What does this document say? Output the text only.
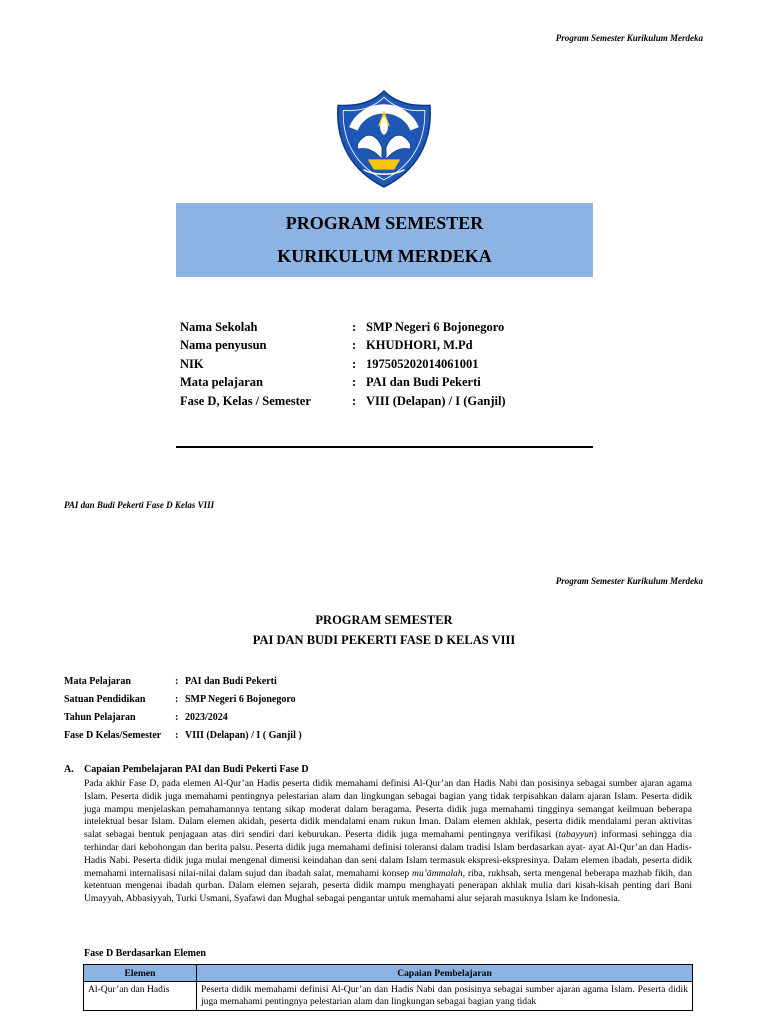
Program Semester Kurikulum Merdeka
PROGRAM SEMESTER
KURIKULUM MERDEKA
Nama Sekolah	: SMP Negeri 6 Bojonegoro
Nama penyusun	: KHUDHORI, M.Pd
NIK	: 197505202014061001
Mata pelajaran	: PAI dan Budi Pekerti
Fase D, Kelas / Semester	: VIII (Delapan) / I (Ganjil)
PAI dan Budi Pekerti Fase D Kelas VIII
Program Semester Kurikulum Merdeka
PROGRAM SEMESTER
PAI DAN BUDI PEKERTI FASE D KELAS VIII
Mata Pelajaran	: PAI dan Budi Pekerti
Satuan Pendidikan	: SMP Negeri 6 Bojonegoro
Tahun Pelajaran	: 2023/2024
Fase D Kelas/Semester	: VIII (Delapan) / I ( Ganjil )
A.	Capaian Pembelajaran PAI dan Budi Pekerti Fase D
Pada akhir Fase D, pada elemen Al-Qur’an Hadis peserta didik memahami definisi Al-Qur’an dan Hadis Nabi dan posisinya sebagai sumber ajaran agama Islam. Peserta didik juga memahami pentingnya pelestarian alam dan lingkungan sebagai bagian yang tidak terpisahkan dalam ajaran Islam. Peserta didik juga mampu menjelaskan pemahamannya tentang sikap moderat dalam beragama. Peserta didik juga memahami tingginya semangat keilmuan beberapa intelektual besar Islam. Dalam elemen akidah, peserta didik mendalami enam rukun Iman. Dalam elemen akhlak, peserta didik mendalami peran aktivitas salat sebagai bentuk penjagaan atas diri sendiri dari keburukan. Peserta didik juga memahami pentingnya verifikasi (tabayyun) informasi sehingga dia terhindar dari kebohongan dan berita palsu. Peserta didik juga memahami definisi toleransi dalam tradisi Islam berdasarkan ayat- ayat Al-Qur’an dan Hadis-Hadis Nabi. Peserta didik juga mulai mengenal dimensi keindahan dan seni dalam Islam termasuk ekspresi-ekspresinya. Dalam elemen ibadah, peserta didik memahami internalisasi nilai-nilai dalam sujud dan ibadah salat, memahami konsep mu’āmmalah, riba, rukhsah, serta mengenal beberapa mazhab fikih, dan ketentuan mengenai ibadah qurban. Dalam elemen sejarah, peserta didik mampu menghayati penerapan akhlak mulia dari kisah-kisah penting dari Bani Umayyah, Abbasiyyah, Turki Usmani, Syafawi dan Mughal sebagai pengantar untuk memahami alur sejarah masuknya Islam ke Indonesia.
Fase D Berdasarkan Elemen
Elemen	Capaian Pembelajaran
Al-Qur’an dan Hadis	Peserta didik memahami definisi Al-Qur’an dan Hadis Nabi dan posisinya sebagai sumber ajaran agama Islam. Peserta didik juga memahami pentingnya pelestarian alam dan lingkungan sebagai bagian yang tidak
